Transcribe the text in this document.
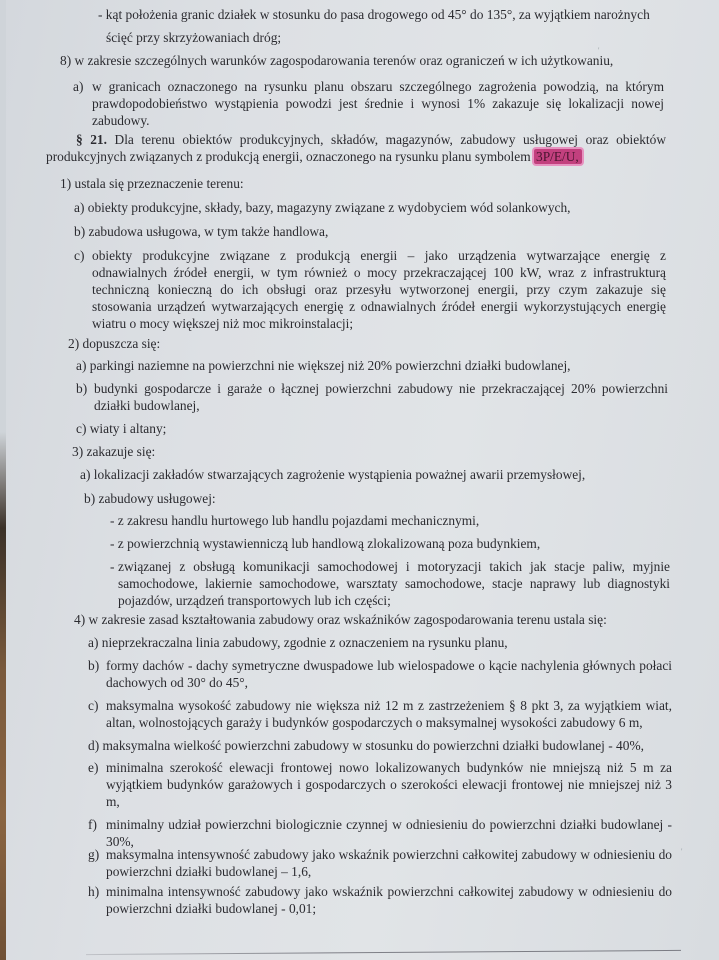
- kąt położenia granic działek w stosunku do pasa drogowego od 45° do 135°, za wyjątkiem narożnych
ścięć przy skrzyżowaniach dróg;
8) w zakresie szczególnych warunków zagospodarowania terenów oraz ograniczeń w ich użytkowaniu,
a) w granicach oznaczonego na rysunku planu obszaru szczególnego zagrożenia powodzią, na którym prawdopodobieństwo wystąpienia powodzi jest średnie i wynosi 1% zakazuje się lokalizacji nowej zabudowy.
§ 21. Dla terenu obiektów produkcyjnych, składów, magazynów, zabudowy usługowej oraz obiektów produkcyjnych związanych z produkcją energii, oznaczonego na rysunku planu symbolem 3P/E/U,
1) ustala się przeznaczenie terenu:
a) obiekty produkcyjne, składy, bazy, magazyny związane z wydobyciem wód solankowych,
b) zabudowa usługowa, w tym także handlowa,
c) obiekty produkcyjne związane z produkcją energii – jako urządzenia wytwarzające energię z odnawialnych źródeł energii, w tym również o mocy przekraczającej 100 kW, wraz z infrastrukturą techniczną konieczną do ich obsługi oraz przesyłu wytworzonej energii, przy czym zakazuje się stosowania urządzeń wytwarzających energię z odnawialnych źródeł energii wykorzystujących energię wiatru o mocy większej niż moc mikroinstalacji;
2) dopuszcza się:
a) parkingi naziemne na powierzchni nie większej niż 20% powierzchni działki budowlanej,
b) budynki gospodarcze i garaże o łącznej powierzchni zabudowy nie przekraczającej 20% powierzchni działki budowlanej,
c) wiaty i altany;
3) zakazuje się:
a) lokalizacji zakładów stwarzających zagrożenie wystąpienia poważnej awarii przemysłowej,
b) zabudowy usługowej:
- z zakresu handlu hurtowego lub handlu pojazdami mechanicznymi,
- z powierzchnią wystawienniczą lub handlową zlokalizowaną poza budynkiem,
- związanej z obsługą komunikacji samochodowej i motoryzacji takich jak stacje paliw, myjnie samochodowe, lakiernie samochodowe, warsztaty samochodowe, stacje naprawy lub diagnostyki pojazdów, urządzeń transportowych lub ich części;
4) w zakresie zasad kształtowania zabudowy oraz wskaźników zagospodarowania terenu ustala się:
a) nieprzekraczalna linia zabudowy, zgodnie z oznaczeniem na rysunku planu,
b) formy dachów - dachy symetryczne dwuspadowe lub wielospadowe o kącie nachylenia głównych połaci dachowych od 30° do 45°,
c) maksymalna wysokość zabudowy nie większa niż 12 m z zastrzeżeniem § 8 pkt 3, za wyjątkiem wiat, altan, wolnostojących garaży i budynków gospodarczych o maksymalnej wysokości zabudowy 6 m,
d) maksymalna wielkość powierzchni zabudowy w stosunku do powierzchni działki budowlanej - 40%,
e) minimalna szerokość elewacji frontowej nowo lokalizowanych budynków nie mniejszą niż 5 m za wyjątkiem budynków garażowych i gospodarczych o szerokości elewacji frontowej nie mniejszej niż 3 m,
f) minimalny udział powierzchni biologicznie czynnej w odniesieniu do powierzchni działki budowlanej - 30%,
g) maksymalna intensywność zabudowy jako wskaźnik powierzchni całkowitej zabudowy w odniesieniu do powierzchni działki budowlanej – 1,6,
h) minimalna intensywność zabudowy jako wskaźnik powierzchni całkowitej zabudowy w odniesieniu do powierzchni działki budowlanej - 0,01;
'
'
